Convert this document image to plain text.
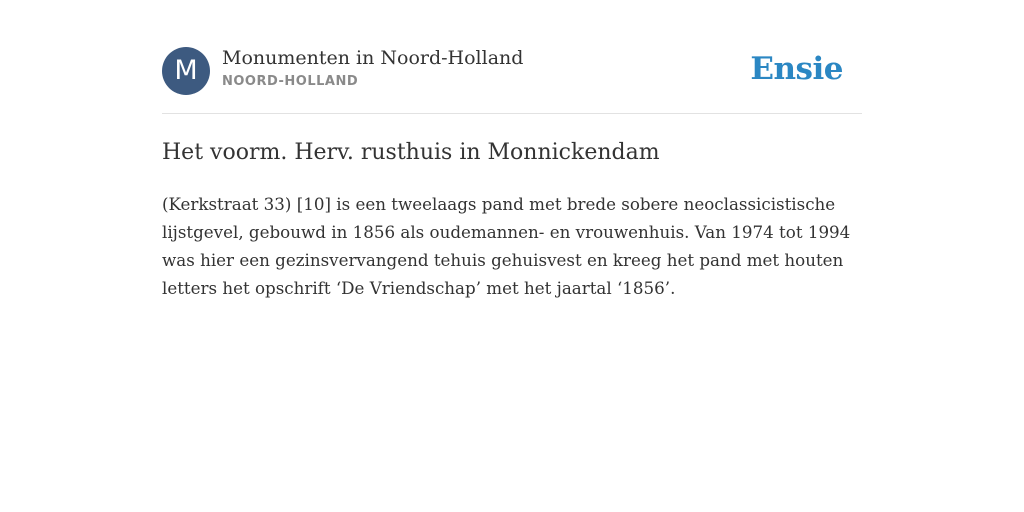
M	Monumenten in Noord-Holland
NOORD-HOLLAND	Ensie
Het voorm. Herv. rusthuis in Monnickendam

(Kerkstraat 33) [10] is een tweelaags pand met brede sobere neoclassicistische lijstgevel, gebouwd in 1856 als oudemannen- en vrouwenhuis. Van 1974 tot 1994 was hier een gezinsvervangend tehuis gehuisvest en kreeg het pand met houten letters het opschrift ‘De Vriendschap’ met het jaartal ‘1856’.
